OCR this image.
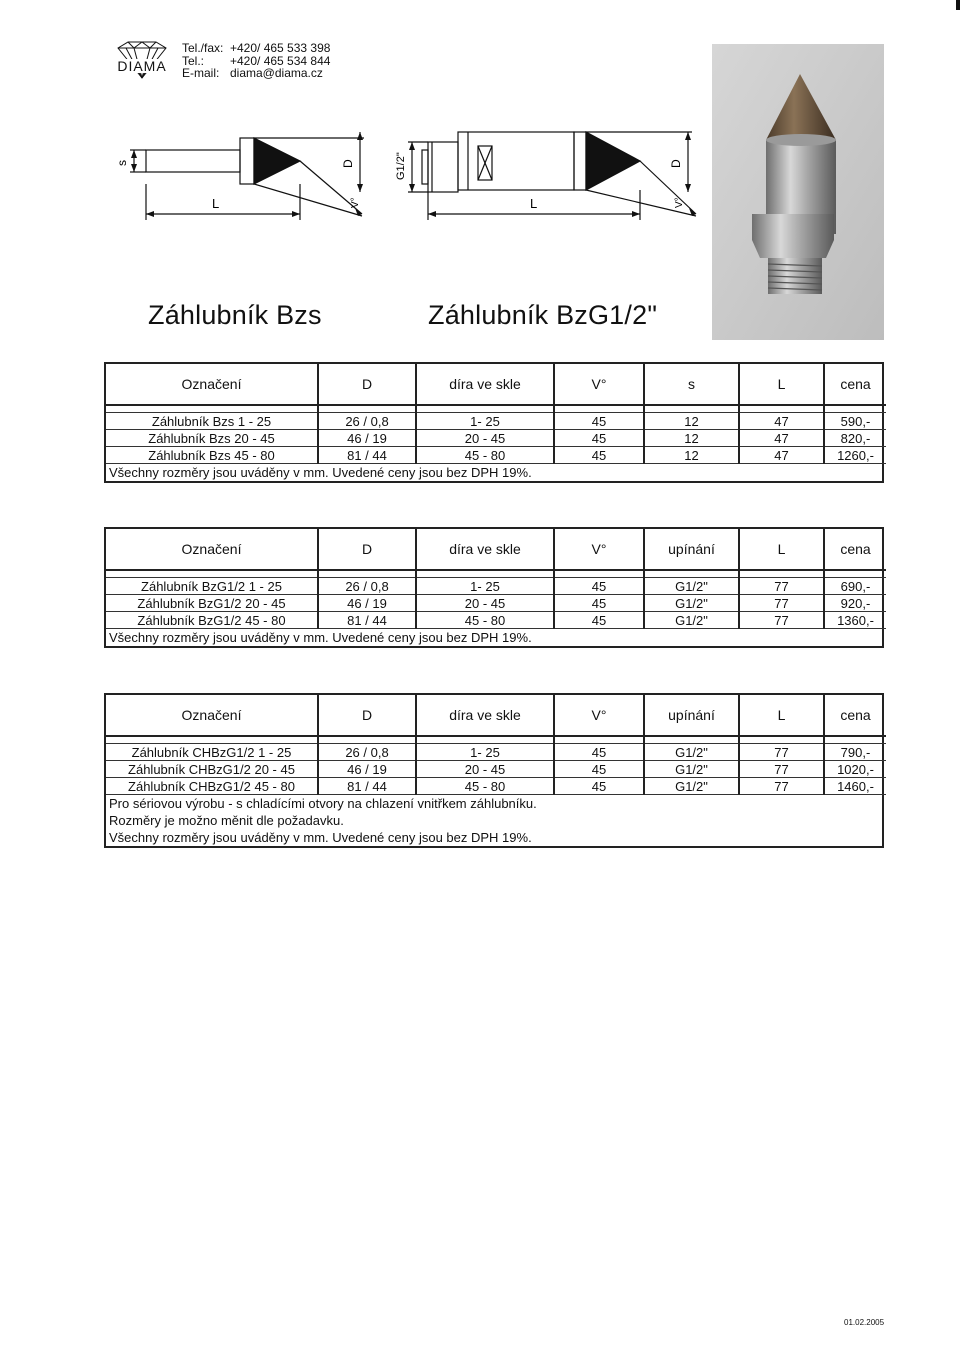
DIAMA
Tel./fax: +420/ 465 533 398
Tel.:	+420/ 465 534 844
E-mail: diama@diama.cz
s
L
D
V°
G1/2"
L
D
V°
Záhlubník Bzs	Záhlubník BzG1/2"
Označení	D	díra ve skle	V°	s	L	cena

Záhlubník Bzs 1 - 25	26 / 0,8	1- 25	45	12	47	590,-
Záhlubník Bzs 20 - 45	46 / 19	20 - 45	45	12	47	820,-
Záhlubník Bzs 45 - 80	81 / 44	45 - 80	45	12	47	1260,-
Všechny rozměry jsou uváděny v mm. Uvedené ceny jsou bez DPH 19%.						
Označení	D	díra ve skle	V°	upínání	L	cena

Záhlubník BzG1/2 1 - 25	26 / 0,8	1- 25	45	G1/2"	77	690,-
Záhlubník BzG1/2 20 - 45	46 / 19	20 - 45	45	G1/2"	77	920,-
Záhlubník BzG1/2 45 - 80	81 / 44	45 - 80	45	G1/2"	77	1360,-
Všechny rozměry jsou uváděny v mm. Uvedené ceny jsou bez DPH 19%.						
Označení	D	díra ve skle	V°	upínání	L	cena

Záhlubník CHBzG1/2 1 - 25	26 / 0,8	1- 25	45	G1/2"	77	790,-
Záhlubník CHBzG1/2 20 - 45	46 / 19	20 - 45	45	G1/2"	77	1020,-
Záhlubník CHBzG1/2 45 - 80	81 / 44	45 - 80	45	G1/2"	77	1460,-
Pro sériovou výrobu - s chladícími otvory na chlazení vnitřkem záhlubníku.						
Rozměry je možno měnit dle požadavku.						
Všechny rozměry jsou uváděny v mm. Uvedené ceny jsou bez DPH 19%.						
01.02.2005
